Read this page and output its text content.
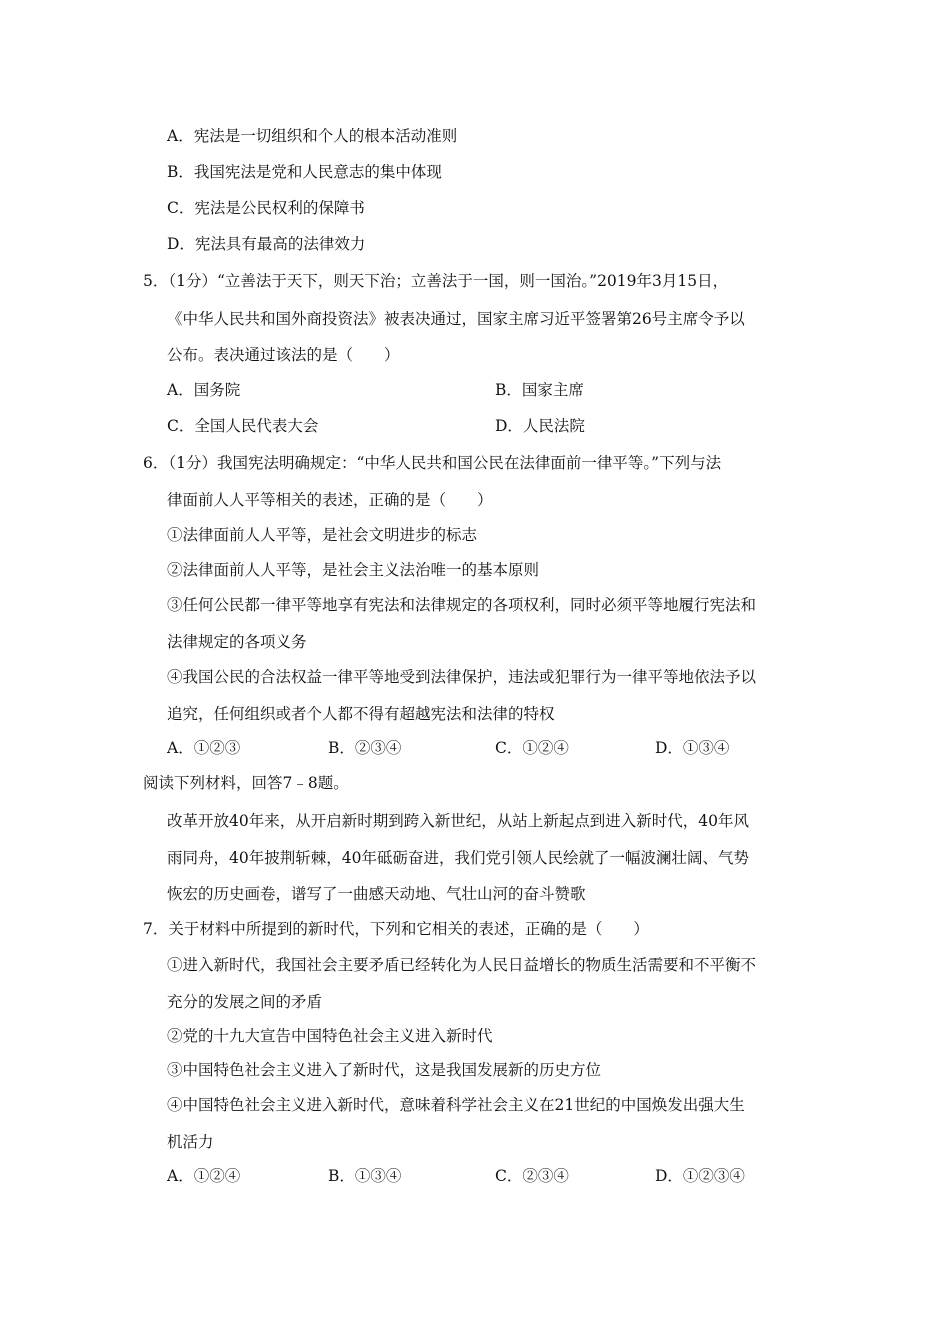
A．宪法是一切组织和个人的根本活动准则
B．我国宪法是党和人民意志的集中体现
C．宪法是公民权利的保障书
D．宪法具有最高的法律效力
5．（1分）“立善法于天下，则天下治；立善法于一国，则一国治。”2019年3月15日，
《中华人民共和国外商投资法》被表决通过，国家主席习近平签署第26号主席令予以
公布。表决通过该法的是（　　）
A．国务院	B．国家主席
C．全国人民代表大会	D．人民法院
6．（1分）我国宪法明确规定：“中华人民共和国公民在法律面前一律平等。”下列与法
律面前人人平等相关的表述，正确的是（　　）
①法律面前人人平等，是社会文明进步的标志
②法律面前人人平等，是社会主义法治唯一的基本原则
③任何公民都一律平等地享有宪法和法律规定的各项权利，同时必须平等地履行宪法和
法律规定的各项义务
④我国公民的合法权益一律平等地受到法律保护，违法或犯罪行为一律平等地依法予以
追究，任何组织或者个人都不得有超越宪法和法律的特权
A．①②③	B．②③④	C．①②④	D．①③④
阅读下列材料，回答7﹣8题。
改革开放40年来，从开启新时期到跨入新世纪，从站上新起点到进入新时代，40年风
雨同舟，40年披荆斩棘，40年砥砺奋进，我们党引领人民绘就了一幅波澜壮阔、气势
恢宏的历史画卷，谱写了一曲感天动地、气壮山河的奋斗赞歌
7．关于材料中所提到的新时代，下列和它相关的表述，正确的是（　　）
①进入新时代，我国社会主要矛盾已经转化为人民日益增长的物质生活需要和不平衡不
充分的发展之间的矛盾
②党的十九大宣告中国特色社会主义进入新时代
③中国特色社会主义进入了新时代，这是我国发展新的历史方位
④中国特色社会主义进入新时代，意味着科学社会主义在21世纪的中国焕发出强大生
机活力
A．①②④	B．①③④	C．②③④	D．①②③④
